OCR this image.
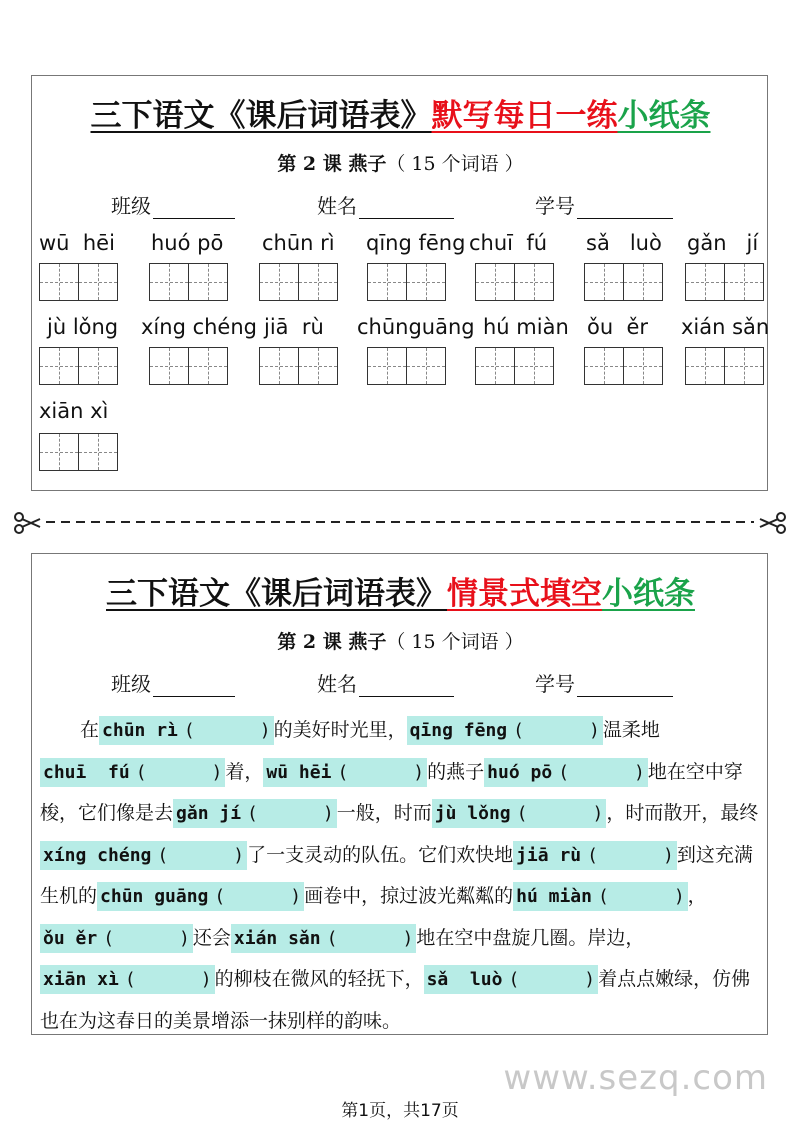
三下语文《课后词语表》默写每日一练小纸条
第 2 课 燕子（ 15 个词语 ）
班级	姓名	学号
wū  hēi huó pō chūn rì qīng fēng chuī  fú sǎ   luò gǎn   jí
jù lǒng xíng chéng jiā  rù chūnguāng hú miàn ǒu  ěr xián sǎn
xiān xì
三下语文《课后词语表》情景式填空小纸条
第 2 课 燕子（ 15 个词语 ）
班级	姓名	学号
在 chūn rì (      ) 的美好时光里， qīng fēng (      ) 温柔地chuī  fú (      ) 着， wū hēi (      ) 的燕子 huó pō (      ) 地在空中穿梭，它们像是去 gǎn jí (      ) 一般，时而 jù lǒng (      ) ，时而散开，最终xíng chéng (      ) 了一支灵动的队伍。它们欢快地 jiā rù (      ) 到这充满生机的 chūn guāng (      ) 画卷中，掠过波光粼粼的 hú miàn (      ) ，ǒu ěr (      ) 还会 xián sǎn (      ) 地在空中盘旋几圈。岸边，xiān xì (      ) 的柳枝在微风的轻抚下， sǎ  luò (      ) 着点点嫩绿，仿佛也在为这春日的美景增添一抹别样的韵味。
www.sezq.com
第1页，共17页
